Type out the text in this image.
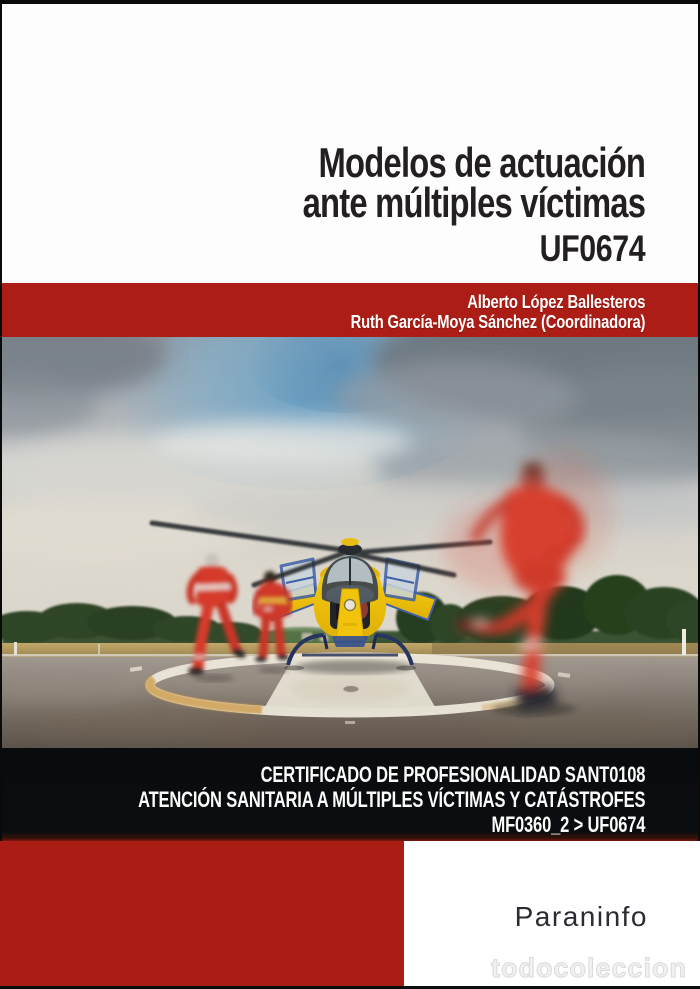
Modelos de actuación
ante múltiples víctimas
UF0674
Alberto López Ballesteros
Ruth García-Moya Sánchez (Coordinadora)
CERTIFICADO DE PROFESIONALIDAD SANT0108
ATENCIÓN SANITARIA A MÚLTIPLES VÍCTIMAS Y CATÁSTROFES
MF0360_2 > UF0674
Paraninfo
todocoleccion
